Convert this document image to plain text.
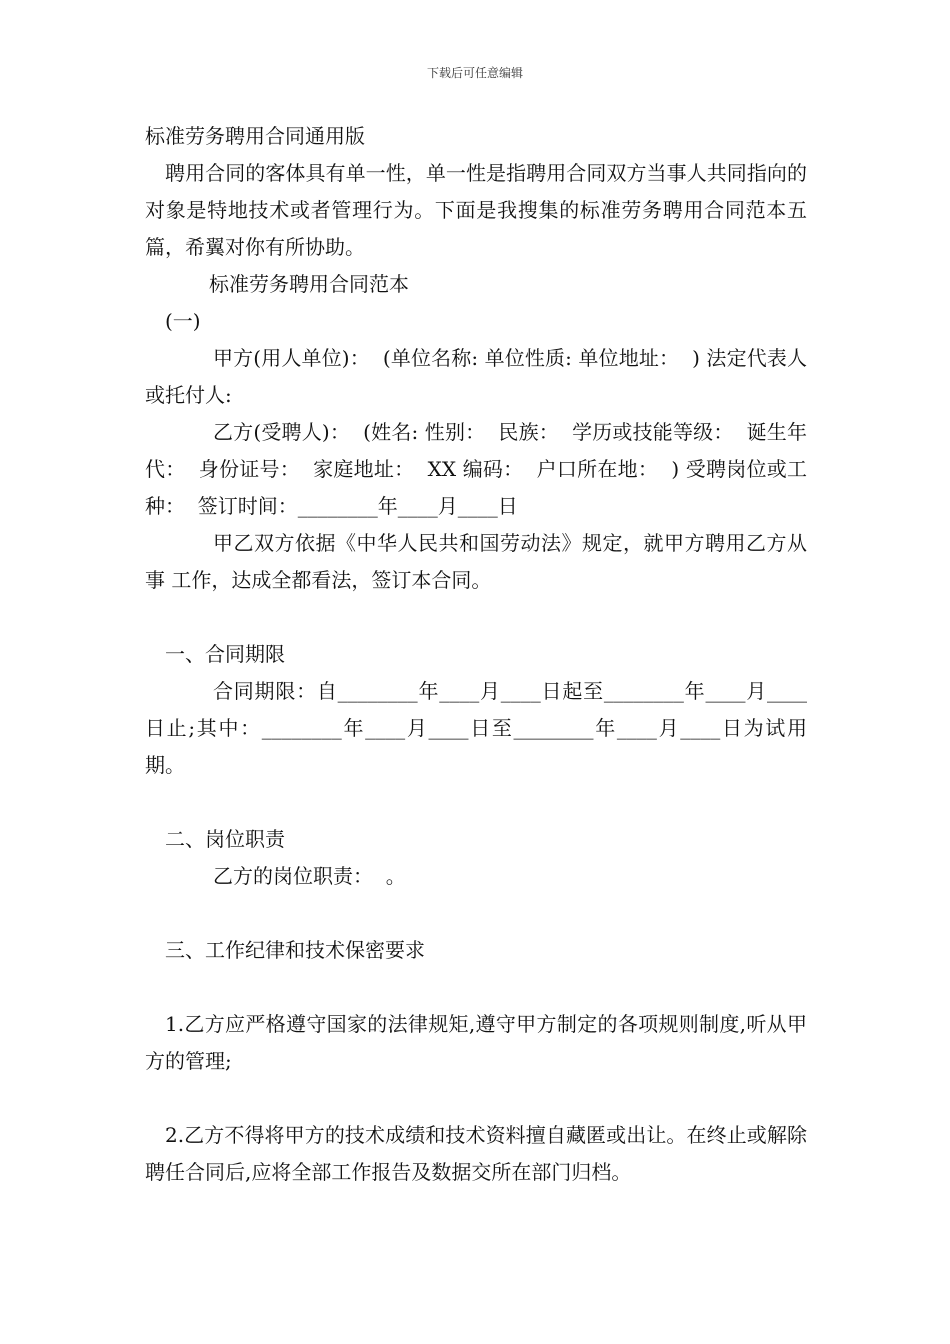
下载后可任意编辑

标准劳务聘用合同通用版

聘用合同的客体具有单一性，单一性是指聘用合同双方当事人共同指向的对象是特地技术或者管理行为。下面是我搜集的标准劳务聘用合同范本五篇，希翼对你有所协助。

标准劳务聘用合同范本

(一)

甲方(用人单位)：  (单位名称: 单位性质: 单位地址：  ) 法定代表人或托付人:

乙方(受聘人)：  (姓名: 性别：  民族：  学历或技能等级：  诞生年代：  身份证号：  家庭地址：  XX 编码：  户口所在地：  ) 受聘岗位或工种：  签订时间：________年____月____日

甲乙双方依据《中华人民共和国劳动法》规定，就甲方聘用乙方从事 工作，达成全都看法，签订本合同。

一、合同期限

合同期限：自________年____月____日起至________年____月____日止;其中：________年____月____日至________年____月____日为试用期。

二、岗位职责

乙方的岗位职责：  。

三、工作纪律和技术保密要求

1.乙方应严格遵守国家的法律规矩,遵守甲方制定的各项规则制度,听从甲方的管理;

2.乙方不得将甲方的技术成绩和技术资料擅自藏匿或出让。在终止或解除聘任合同后,应将全部工作报告及数据交所在部门归档。
